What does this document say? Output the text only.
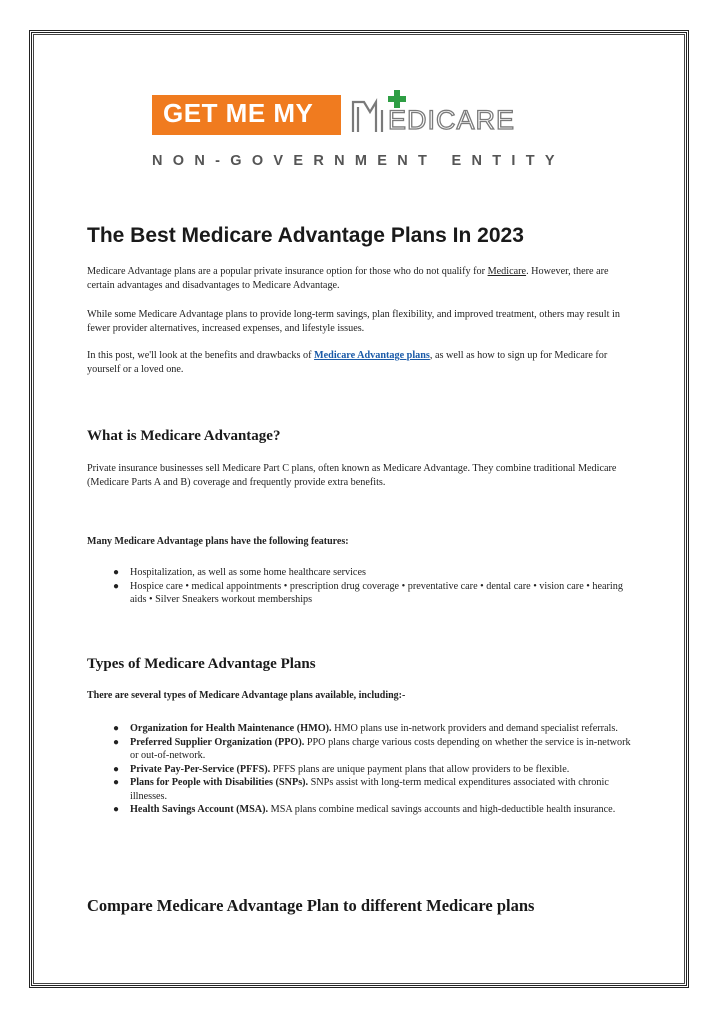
GET ME MY	EDICARE
NON-GOVERNMENT ENTITY
The Best Medicare Advantage Plans In 2023
Medicare Advantage plans are a popular private insurance option for those who do not qualify for Medicare. However, there are certain advantages and disadvantages to Medicare Advantage.
While some Medicare Advantage plans to provide long-term savings, plan flexibility, and improved treatment, others may result in fewer provider alternatives, increased expenses, and lifestyle issues.
In this post, we'll look at the benefits and drawbacks of Medicare Advantage plans, as well as how to sign up for Medicare for yourself or a loved one.
What is Medicare Advantage?
Private insurance businesses sell Medicare Part C plans, often known as Medicare Advantage. They combine traditional Medicare (Medicare Parts A and B) coverage and frequently provide extra benefits.
Many Medicare Advantage plans have the following features:
● Hospitalization, as well as some home healthcare services
● Hospice care • medical appointments • prescription drug coverage • preventative care • dental care • vision care • hearing aids • Silver Sneakers workout memberships
Types of Medicare Advantage Plans
There are several types of Medicare Advantage plans available, including:-
● Organization for Health Maintenance (HMO). HMO plans use in-network providers and demand specialist referrals.
● Preferred Supplier Organization (PPO). PPO plans charge various costs depending on whether the service is in-network or out-of-network.
● Private Pay-Per-Service (PFFS). PFFS plans are unique payment plans that allow providers to be flexible.
● Plans for People with Disabilities (SNPs). SNPs assist with long-term medical expenditures associated with chronic illnesses.
● Health Savings Account (MSA). MSA plans combine medical savings accounts and high-deductible health insurance.
Compare Medicare Advantage Plan to different Medicare plans
